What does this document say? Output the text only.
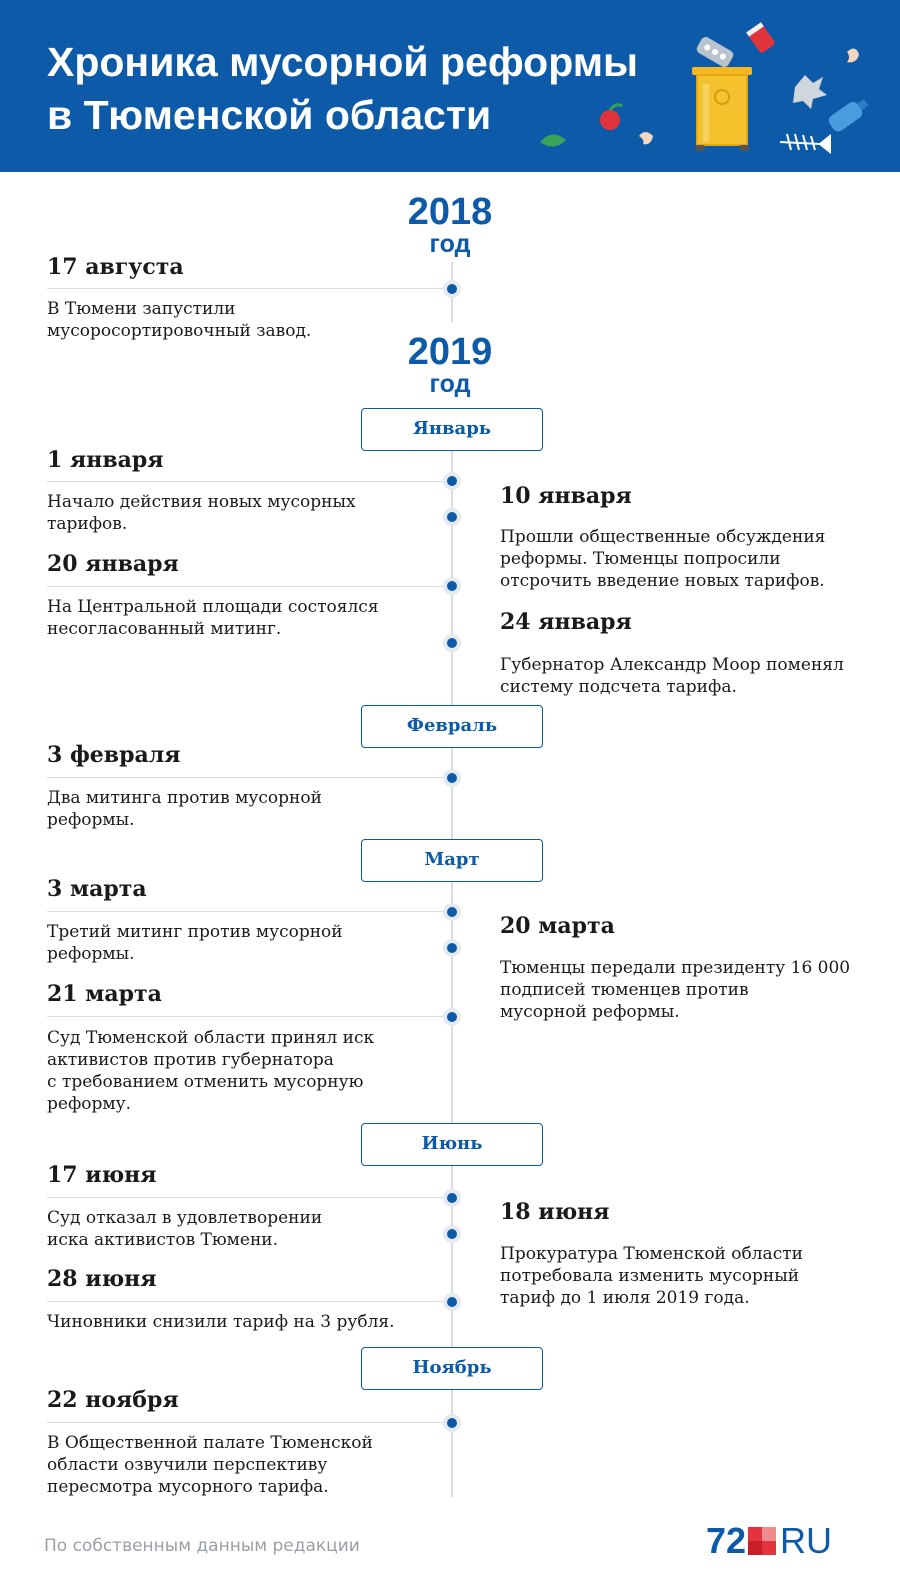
Хроника мусорной реформы
в Тюменской области
2018
год
17 августа
В Тюмени запустили
мусоросортировочный завод.	2019
год
Январь
1 января
Начало действия новых мусорных
тарифов.
10 января
Прошли общественные обсуждения
реформы. Тюменцы попросили
отсрочить введение новых тарифов.
20 января
На Центральной площади состоялся
несогласованный митинг.	24 января
Губернатор Александр Моор поменял
систему подсчета тарифа.
Февраль
3 февраля
Два митинга против мусорной
реформы.
Март
3 марта
Третий митинг против мусорной
реформы.
20 марта
Тюменцы передали президенту 16 000
подписей тюменцев против
мусорной реформы.
21 марта
Суд Тюменской области принял иск
активистов против губернатора
с требованием отменить мусорную
реформу.
Июнь
17 июня
Суд отказал в удовлетворении
иска активистов Тюмени.
18 июня
Прокуратура Тюменской области
потребовала изменить мусорный
тариф до 1 июля 2019 года.
28 июня
Чиновники снизили тариф на 3 рубля.
Ноябрь
22 ноября
В Общественной палате Тюменской
области озвучили перспективу
пересмотра мусорного тарифа.
По собственным данным редакции	72 RU
